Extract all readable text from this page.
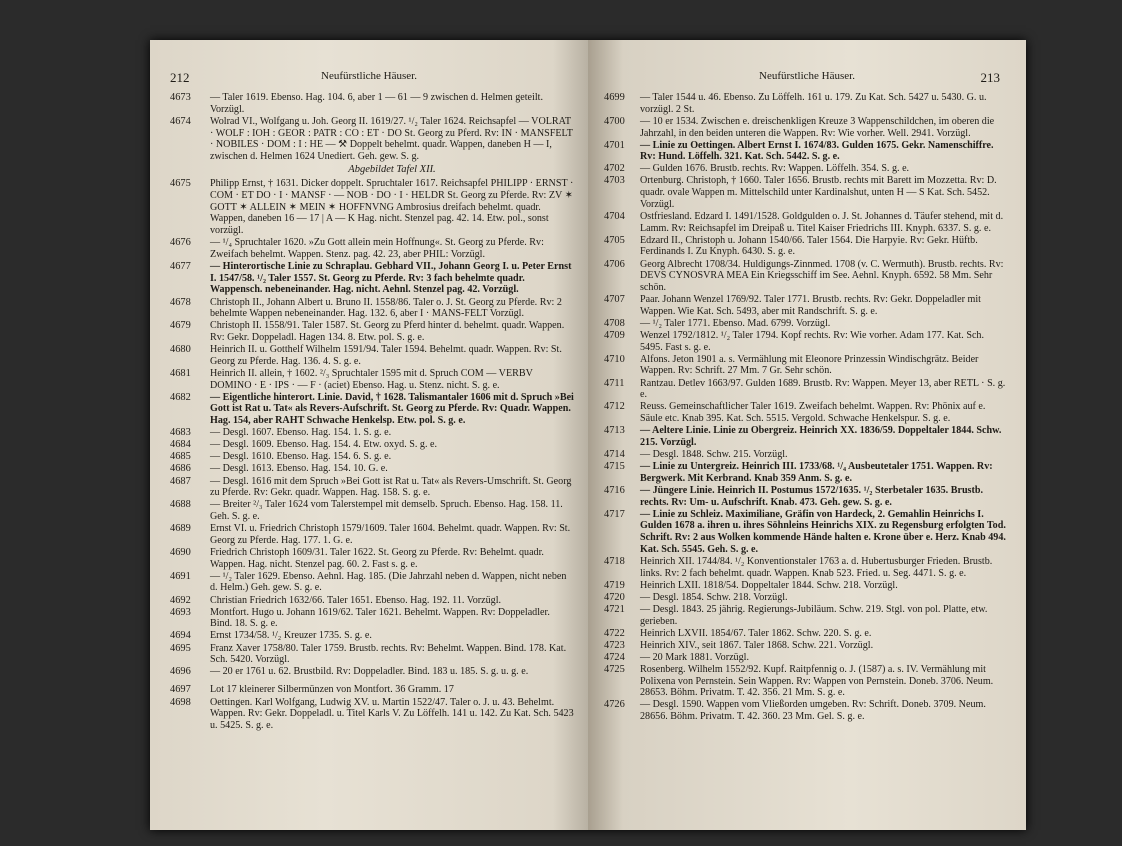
212	Neufürstliche Häuser.
4673	— Taler 1619. Ebenso. Hag. 104. 6, aber 1 — 61 — 9 zwischen d. Helmen geteilt. Vorzügl.
4674	Wolrad VI., Wolfgang u. Joh. Georg II. 1619/27. ¹/₂ Taler 1624. Reichsapfel — VOLRAT · WOLF : IOH : GEOR : PATR : CO : ET · DO St. Georg zu Pferd. Rv: IN · MANSFELT · NOBILES · DOM : I : HE — ⚒ Doppelt behelmt. quadr. Wappen, daneben H — I, zwischen d. Helmen 1624 Unediert. Geh. gew. S. g.
Abgebildet Tafel XII.
4675	Philipp Ernst, † 1631. Dicker doppelt. Spruchtaler 1617. Reichsapfel PHILIPP · ERNST · COM · ET DO · I · MANSF · — NOB · DO · I · HELDR St. Georg zu Pferde. Rv: ZV ✶ GOTT ✶ ALLEIN ✶ MEIN ✶ HOFFNVNG Ambrosius dreifach behelmt. quadr. Wappen, daneben 16 — 17 | A — K Hag. nicht. Stenzel pag. 42. 14. Etw. pol., sonst vorzügl.
4676	— ¹/₄ Spruchtaler 1620. »Zu Gott allein mein Hoffnung«. St. Georg zu Pferde. Rv: Zweifach behelmt. Wappen. Stenz. pag. 42. 23, aber PHIL: Vorzügl.
4677	— Hinterortische Linie zu Schraplau. Gebhard VII., Johann Georg I. u. Peter Ernst I. 1547/58. ¹/₂ Taler 1557. St. Georg zu Pferde. Rv: 3 fach behelmte quadr. Wappensch. nebeneinander. Hag. nicht. Aehnl. Stenzel pag. 42. Vorzügl.
4678	Christoph II., Johann Albert u. Bruno II. 1558/86. Taler o. J. St. Georg zu Pferde. Rv: 2 behelmte Wappen nebeneinander. Hag. 132. 6, aber I · MANS-FELT Vorzügl.
4679	Christoph II. 1558/91. Taler 1587. St. Georg zu Pferd hinter d. behelmt. quadr. Wappen. Rv: Gekr. Doppeladl. Hagen 134. 8. Etw. pol. S. g. e.
4680	Heinrich II. u. Gotthelf Wilhelm 1591/94. Taler 1594. Behelmt. quadr. Wappen. Rv: St. Georg zu Pferde. Hag. 136. 4. S. g. e.
4681	Heinrich II. allein, † 1602. ²/₃ Spruchtaler 1595 mit d. Spruch COM — VERBV DOMINO · E · IPS · — F · (aciet) Ebenso. Hag. u. Stenz. nicht. S. g. e.
4682	— Eigentliche hinterort. Linie. David, † 1628. Talismantaler 1606 mit d. Spruch »Bei Gott ist Rat u. Tat« als Revers-Aufschrift. St. Georg zu Pferde. Rv: Quadr. Wappen. Hag. 154, aber RAHT Schwache Henkelsp. Etw. pol. S. g. e.
4683	— Desgl. 1607. Ebenso. Hag. 154. 1. S. g. e.
4684	— Desgl. 1609. Ebenso. Hag. 154. 4. Etw. oxyd. S. g. e.
4685	— Desgl. 1610. Ebenso. Hag. 154. 6. S. g. e.
4686	— Desgl. 1613. Ebenso. Hag. 154. 10. G. e.
4687	— Desgl. 1616 mit dem Spruch »Bei Gott ist Rat u. Tat« als Revers-Umschrift. St. Georg zu Pferde. Rv: Gekr. quadr. Wappen. Hag. 158. S. g. e.
4688	— Breiter ²/₃ Taler 1624 vom Talerstempel mit demselb. Spruch. Ebenso. Hag. 158. 11. Geh. S. g. e.
4689	Ernst VI. u. Friedrich Christoph 1579/1609. Taler 1604. Behelmt. quadr. Wappen. Rv: St. Georg zu Pferde. Hag. 177. 1. G. e.
4690	Friedrich Christoph 1609/31. Taler 1622. St. Georg zu Pferde. Rv: Behelmt. quadr. Wappen. Hag. nicht. Stenzel pag. 60. 2. Fast s. g. e.
4691	— ¹/₂ Taler 1629. Ebenso. Aehnl. Hag. 185. (Die Jahrzahl neben d. Wappen, nicht neben d. Helm.) Geh. gew. S. g. e.
4692	Christian Friedrich 1632/66. Taler 1651. Ebenso. Hag. 192. 11. Vorzügl.
4693	Montfort. Hugo u. Johann 1619/62. Taler 1621. Behelmt. Wappen. Rv: Doppeladler. Bind. 18. S. g. e.
4694	Ernst 1734/58. ¹/₂ Kreuzer 1735. S. g. e.
4695	Franz Xaver 1758/80. Taler 1759. Brustb. rechts. Rv: Behelmt. Wappen. Bind. 178. Kat. Sch. 5420. Vorzügl.
4696	— 20 er 1761 u. 62. Brustbild. Rv: Doppeladler. Bind. 183 u. 185. S. g. u. g. e.
4697	Lot 17 kleinerer Silbermünzen von Montfort. 36 Gramm. 17
4698	Oettingen. Karl Wolfgang, Ludwig XV. u. Martin 1522/47. Taler o. J. u. 43. Behelmt. Wappen. Rv: Gekr. Doppeladl. u. Titel Karls V. Zu Löffelh. 141 u. 142. Zu Kat. Sch. 5423 u. 5425. S. g. e.
Neufürstliche Häuser.	213
4699	— Taler 1544 u. 46. Ebenso. Zu Löffelh. 161 u. 179. Zu Kat. Sch. 5427 u. 5430. G. u. vorzügl. 2 St.
4700	— 10 er 1534. Zwischen e. dreischenkligen Kreuze 3 Wappenschildchen, im oberen die Jahrzahl, in den beiden unteren die Wappen. Rv: Wie vorher. Well. 2941. Vorzügl.
4701	— Linie zu Oettingen. Albert Ernst I. 1674/83. Gulden 1675. Gekr. Namenschiffre. Rv: Hund. Löffelh. 321. Kat. Sch. 5442. S. g. e.
4702	— Gulden 1676. Brustb. rechts. Rv: Wappen. Löffelh. 354. S. g. e.
4703	Ortenburg. Christoph, † 1660. Taler 1656. Brustb. rechts mit Barett im Mozzetta. Rv: D. quadr. ovale Wappen m. Mittelschild unter Kardinalshut, unten H — S Kat. Sch. 5452. Vorzügl.
4704	Ostfriesland. Edzard I. 1491/1528. Goldgulden o. J. St. Johannes d. Täufer stehend, mit d. Lamm. Rv: Reichsapfel im Dreipaß u. Titel Kaiser Friedrichs III. Knyph. 6337. S. g. e.
4705	Edzard II., Christoph u. Johann 1540/66. Taler 1564. Die Harpyie. Rv: Gekr. Hüftb. Ferdinands I. Zu Knyph. 6430. S. g. e.
4706	Georg Albrecht 1708/34. Huldigungs-Zinnmed. 1708 (v. C. Wermuth). Brustb. rechts. Rv: DEVS CYNOSVRA MEA Ein Kriegsschiff im See. Aehnl. Knyph. 6592. 58 Mm. Sehr schön.
4707	Paar. Johann Wenzel 1769/92. Taler 1771. Brustb. rechts. Rv: Gekr. Doppeladler mit Wappen. Wie Kat. Sch. 5493, aber mit Randschrift. S. g. e.
4708	— ¹/₂ Taler 1771. Ebenso. Mad. 6799. Vorzügl.
4709	Wenzel 1792/1812. ¹/₂ Taler 1794. Kopf rechts. Rv: Wie vorher. Adam 177. Kat. Sch. 5495. Fast s. g. e.
4710	Alfons. Jeton 1901 a. s. Vermählung mit Eleonore Prinzessin Windischgrätz. Beider Wappen. Rv: Schrift. 27 Mm. 7 Gr. Sehr schön.
4711	Rantzau. Detlev 1663/97. Gulden 1689. Brustb. Rv: Wappen. Meyer 13, aber RETL · S. g. e.
4712	Reuss. Gemeinschaftlicher Taler 1619. Zweifach behelmt. Wappen. Rv: Phönix auf e. Säule etc. Knab 395. Kat. Sch. 5515. Vergold. Schwache Henkelspur. S. g. e.
4713	— Aeltere Linie. Linie zu Obergreiz. Heinrich XX. 1836/59. Doppeltaler 1844. Schw. 215. Vorzügl.
4714	— Desgl. 1848. Schw. 215. Vorzügl.
4715	— Linie zu Untergreiz. Heinrich III. 1733/68. ¹/₄ Ausbeutetaler 1751. Wappen. Rv: Bergwerk. Mit Kerbrand. Knab 359 Anm. S. g. e.
4716	— Jüngere Linie. Heinrich II. Postumus 1572/1635. ¹/₂ Sterbetaler 1635. Brustb. rechts. Rv: Um- u. Aufschrift. Knab. 473. Geh. gew. S. g. e.
4717	— Linie zu Schleiz. Maximiliane, Gräfin von Hardeck, 2. Gemahlin Heinrichs I. Gulden 1678 a. ihren u. ihres Söhnleins Heinrichs XIX. zu Regensburg erfolgten Tod. Schrift. Rv: 2 aus Wolken kommende Hände halten e. Krone über e. Herz. Knab 494. Kat. Sch. 5545. Geh. S. g. e.
4718	Heinrich XII. 1744/84. ¹/₂ Konventionstaler 1763 a. d. Hubertusburger Frieden. Brustb. links. Rv: 2 fach behelmt. quadr. Wappen. Knab 523. Fried. u. Seg. 4471. S. g. e.
4719	Heinrich LXII. 1818/54. Doppeltaler 1844. Schw. 218. Vorzügl.
4720	— Desgl. 1854. Schw. 218. Vorzügl.
4721	— Desgl. 1843. 25 jährig. Regierungs-Jubiläum. Schw. 219. Stgl. von pol. Platte, etw. gerieben.
4722	Heinrich LXVII. 1854/67. Taler 1862. Schw. 220. S. g. e.
4723	Heinrich XIV., seit 1867. Taler 1868. Schw. 221. Vorzügl.
4724	— 20 Mark 1881. Vorzügl.
4725	Rosenberg. Wilhelm 1552/92. Kupf. Raitpfennig o. J. (1587) a. s. IV. Vermählung mit Polixena von Pernstein. Sein Wappen. Rv: Wappen von Pernstein. Doneb. 3706. Neum. 28653. Böhm. Privatm. T. 42. 356. 21 Mm. S. g. e.
4726	— Desgl. 1590. Wappen vom Vließorden umgeben. Rv: Schrift. Doneb. 3709. Neum. 28656. Böhm. Privatm. T. 42. 360. 23 Mm. Gel. S. g. e.
